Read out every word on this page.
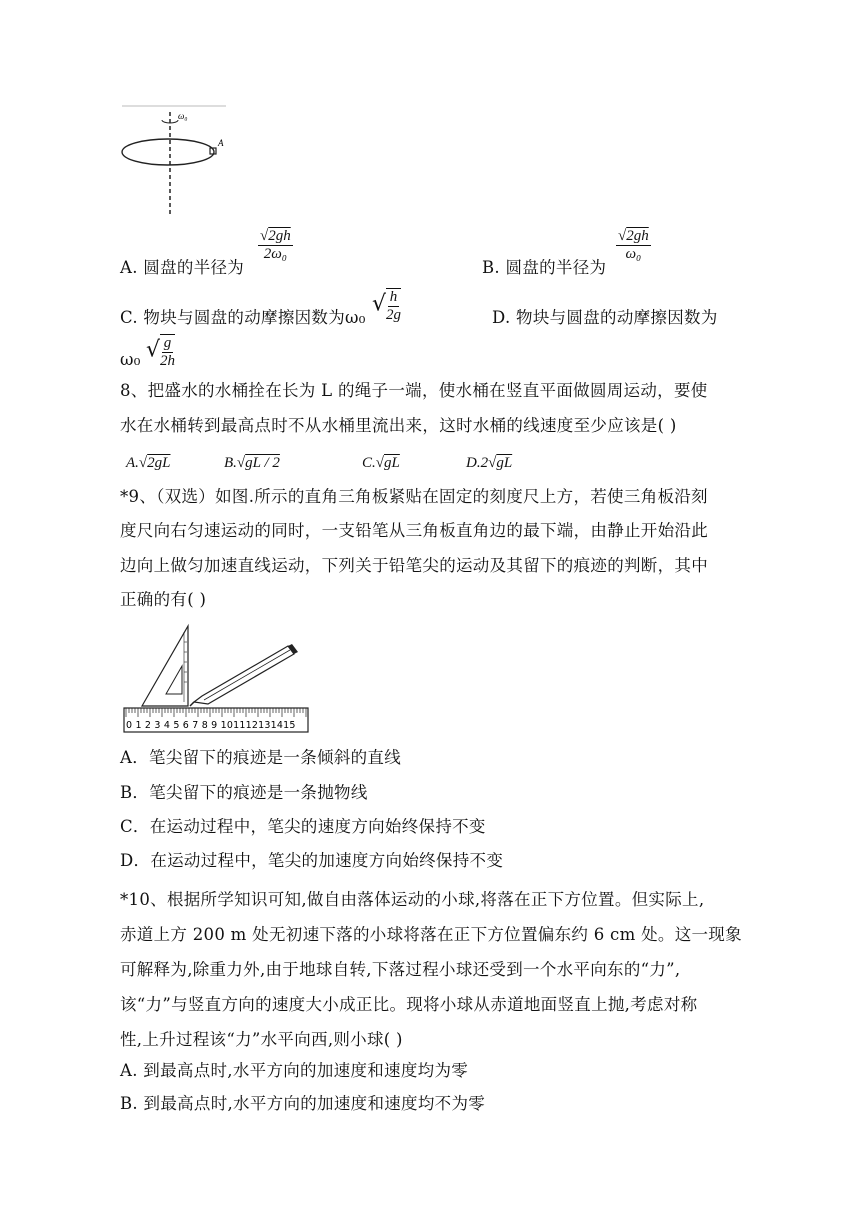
ω₀
A
A. 圆盘的半径为
$\frac{√2gh}{\text{2ω₀}}$
B. 圆盘的半径为
$\frac{√2gh}{\text{ω₀}}$
C. 物块与圆盘的动摩擦因数为ω₀
√ $\frac{h}{2g}$	D. 物块与圆盘的动摩擦因数为
ω₀ √ $\frac{g}{2h}$
8、把盛水的水桶拴在长为 L 的绳子一端，使水桶在竖直平面做圆周运动，要使
水在水桶转到最高点时不从水桶里流出来，这时水桶的线速度至少应该是( )
A.√2gL	B.√gL / 2	C.√gL	D.2√gL
*9、（双选）如图.所示的直角三角板紧贴在固定的刻度尺上方，若使三角板沿刻
度尺向右匀速运动的同时，一支铅笔从三角板直角边的最下端，由静止开始沿此
边向上做匀加速直线运动，下列关于铅笔尖的运动及其留下的痕迹的判断，其中
正确的有( )
0 1 2 3 4 5 6 7 8 9 101112131415
A．笔尖留下的痕迹是一条倾斜的直线
B．笔尖留下的痕迹是一条抛物线
C．在运动过程中，笔尖的速度方向始终保持不变
D．在运动过程中，笔尖的加速度方向始终保持不变
*10、根据所学知识可知,做自由落体运动的小球,将落在正下方位置。但实际上,
赤道上方 200 m 处无初速下落的小球将落在正下方位置偏东约 6 cm 处。这一现象
可解释为,除重力外,由于地球自转,下落过程小球还受到一个水平向东的“力”,
该“力”与竖直方向的速度大小成正比。现将小球从赤道地面竖直上抛,考虑对称
性,上升过程该“力”水平向西,则小球( )
A. 到最高点时,水平方向的加速度和速度均为零
B. 到最高点时,水平方向的加速度和速度均不为零
